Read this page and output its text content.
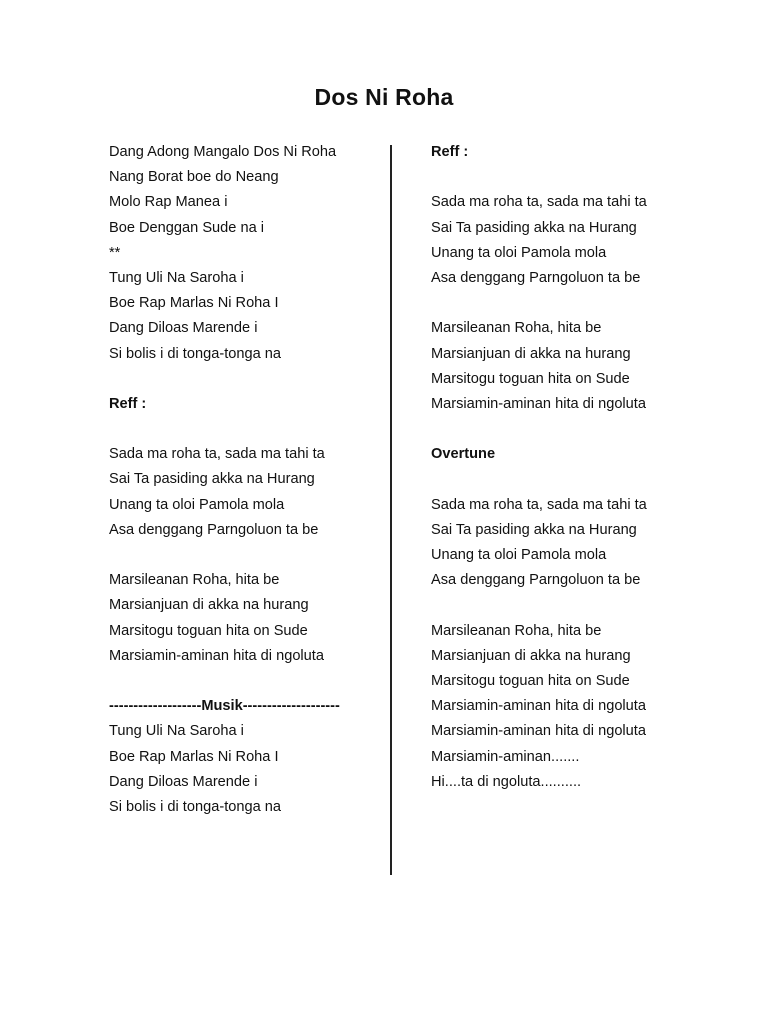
Dos Ni Roha
Dang Adong Mangalo Dos Ni Roha
Nang Borat boe do Neang
Molo Rap Manea i
Boe Denggan Sude na i
**
Tung Uli Na Saroha i
Boe Rap Marlas Ni Roha I
Dang Diloas Marende i
Si bolis i di tonga-tonga na
Reff :
Sada ma roha ta, sada ma tahi ta
Sai Ta pasiding akka na Hurang
Unang ta oloi Pamola mola
Asa denggang Parngoluon ta be
Marsileanan Roha, hita be
Marsianjuan di akka na hurang
Marsitogu toguan hita on Sude
Marsiamin-aminan hita di ngoluta
-------------------Musik--------------------
Tung Uli Na Saroha i
Boe Rap Marlas Ni Roha I
Dang Diloas Marende i
Si bolis i di tonga-tonga na
Reff :
Sada ma roha ta, sada ma tahi ta
Sai Ta pasiding akka na Hurang
Unang ta oloi Pamola mola
Asa denggang Parngoluon ta be
Marsileanan Roha, hita be
Marsianjuan di akka na hurang
Marsitogu toguan hita on Sude
Marsiamin-aminan hita di ngoluta
Overtune
Sada ma roha ta, sada ma tahi ta
Sai Ta pasiding akka na Hurang
Unang ta oloi Pamola mola
Asa denggang Parngoluon ta be
Marsileanan Roha, hita be
Marsianjuan di akka na hurang
Marsitogu toguan hita on Sude
Marsiamin-aminan hita di ngoluta
Marsiamin-aminan hita di ngoluta
Marsiamin-aminan.......
Hi....ta di ngoluta..........
